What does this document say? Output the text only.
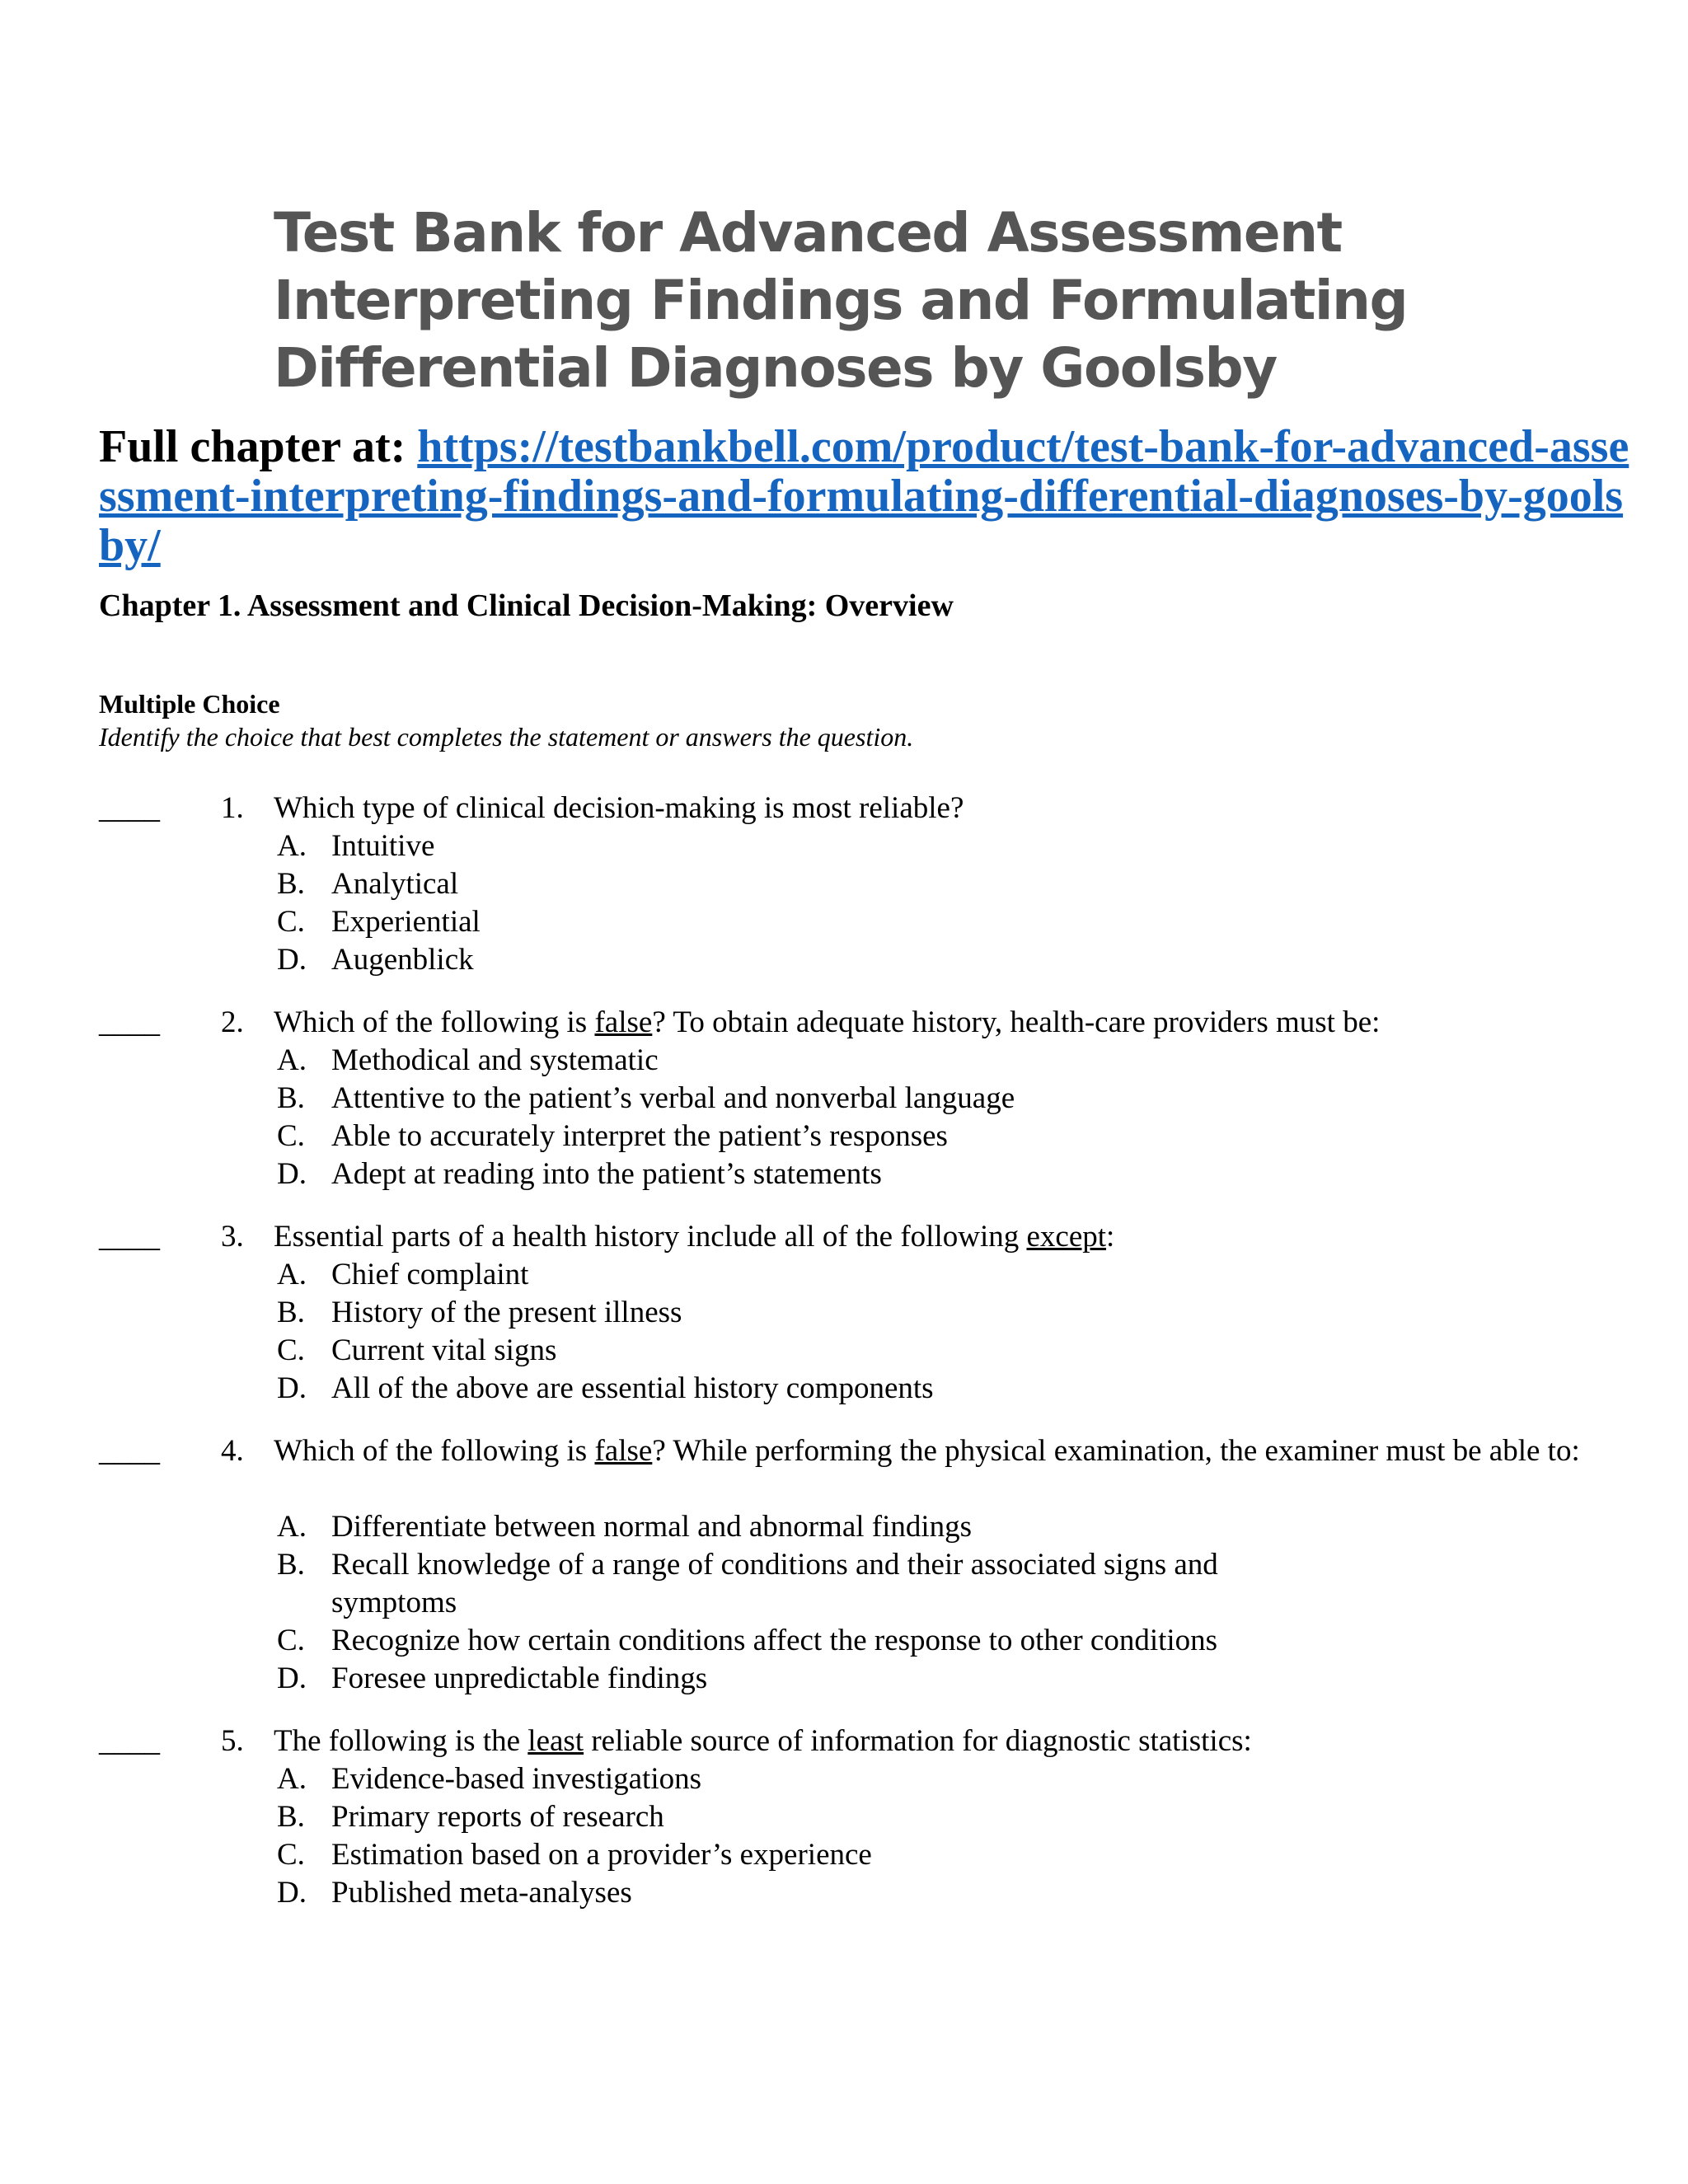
Test Bank for Advanced Assessment Interpreting Findings and Formulating Differential Diagnoses by Goolsby

Full chapter at: https://testbankbell.com/product/test-bank-for-advanced-assessment-interpreting-findings-and-formulating-differential-diagnoses-by-goolsby/

Chapter 1. Assessment and Clinical Decision-Making: Overview
Multiple Choice

Identify the choice that best completes the statement or answers the question.

____ 1. Which type of clinical decision-making is most reliable?
A. Intuitive
B. Analytical
C. Experiential
D. Augenblick
____ 2. Which of the following is false? To obtain adequate history, health-care providers must be:
A. Methodical and systematic
B. Attentive to the patient’s verbal and nonverbal language
C. Able to accurately interpret the patient’s responses
D. Adept at reading into the patient’s statements
____ 3. Essential parts of a health history include all of the following except:
A. Chief complaint
B. History of the present illness
C. Current vital signs
D. All of the above are essential history components
____ 4. Which of the following is false? While performing the physical examination, the examiner must be able to:
A. Differentiate between normal and abnormal findings
B. Recall knowledge of a range of conditions and their associated signs and symptoms
C. Recognize how certain conditions affect the response to other conditions
D. Foresee unpredictable findings
____ 5. The following is the least reliable source of information for diagnostic statistics:
A. Evidence-based investigations
B. Primary reports of research
C. Estimation based on a provider’s experience
D. Published meta-analyses
